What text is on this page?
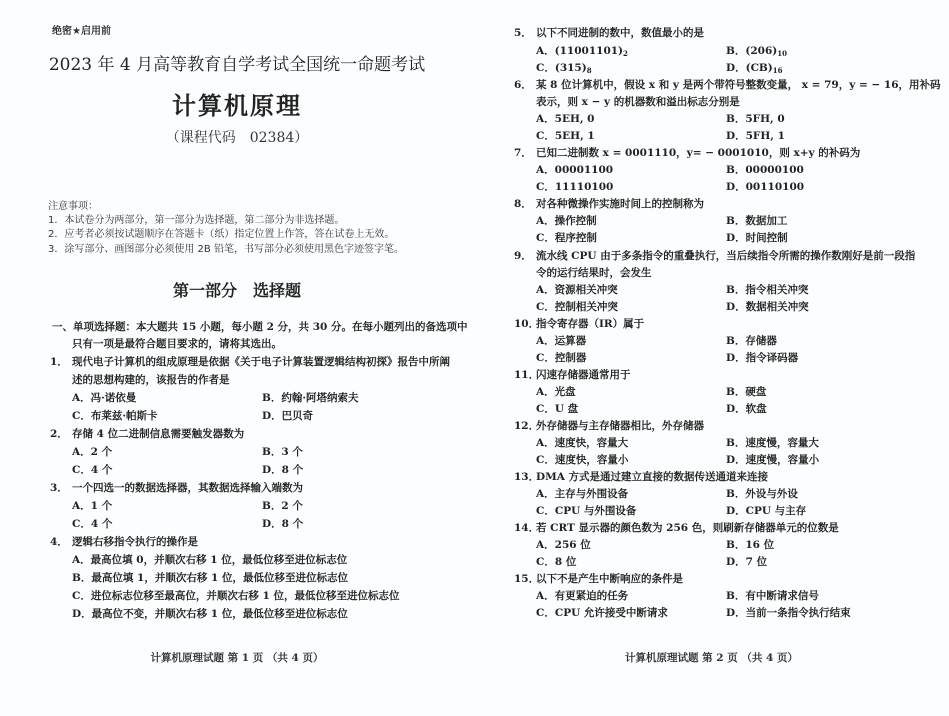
绝密★启用前
2023 年 4 月高等教育自学考试全国统一命题考试
计算机原理
（课程代码　02384）
注意事项：
1．本试卷分为两部分，第一部分为选择题，第二部分为非选择题。
2．应考者必须按试题顺序在答题卡（纸）指定位置上作答，答在试卷上无效。
3．涂写部分、画图部分必须使用 2B 铅笔，书写部分必须使用黑色字迹签字笔。
第一部分　选择题
一、单项选择题：本大题共 15 小题，每小题 2 分，共 30 分。在每小题列出的备选项中
只有一项是最符合题目要求的，请将其选出。
1． 现代电子计算机的组成原理是依据《关于电子计算装置逻辑结构初探》报告中所阐
述的思想构建的，该报告的作者是
A．冯·诺依曼	B．约翰·阿塔纳索夫
C．布莱兹·帕斯卡	D．巴贝奇
2． 存储 4 位二进制信息需要触发器数为
A．2 个	B．3 个
C．4 个	D．8 个
3． 一个四选一的数据选择器，其数据选择输入端数为
A．1 个	B．2 个
C．4 个	D．8 个
4． 逻辑右移指令执行的操作是
A．最高位填 0，并顺次右移 1 位，最低位移至进位标志位
B．最高位填 1，并顺次右移 1 位，最低位移至进位标志位
C．进位标志位移至最高位，并顺次右移 1 位，最低位移至进位标志位
D．最高位不变，并顺次右移 1 位，最低位移至进位标志位
计算机原理试题 第 1 页 （共 4 页）
5． 以下不同进制的数中，数值最小的是
A．$(11001101)_2$	B．$(206)_{10}$
C．$(315)_8$	D．$(CB)_{16}$
6． 某 8 位计算机中，假设 x 和 y 是两个带符号整数变量， x = 79，y = − 16，用补码
表示，则 x − y 的机器数和溢出标志分别是
A．5EH, 0	B．5FH, 0
C．5EH, 1	D．5FH, 1
7． 已知二进制数 x = 0001110，y= − 0001010，则 x+y 的补码为
A．00001100	B．00000100
C．11110100	D．00110100
8． 对各种微操作实施时间上的控制称为
A．操作控制	B．数据加工
C．程序控制	D．时间控制
9． 流水线 CPU 由于多条指令的重叠执行，当后续指令所需的操作数刚好是前一段指
令的运行结果时，会发生
A．资源相关冲突	B．指令相关冲突
C．控制相关冲突	D．数据相关冲突
10．指令寄存器（IR）属于
A．运算器	B．存储器
C．控制器	D．指令译码器
11．闪速存储器通常用于
A．光盘	B．硬盘
C．U 盘	D．软盘
12．外存储器与主存储器相比，外存储器
A．速度快，容量大	B．速度慢，容量大
C．速度快，容量小	D．速度慢，容量小
13．DMA 方式是通过建立直接的数据传送通道来连接
A．主存与外围设备	B．外设与外设
C．CPU 与外围设备	D．CPU 与主存
14．若 CRT 显示器的颜色数为 256 色，则刷新存储器单元的位数是
A．256 位	B．16 位
C．8 位	D．7 位
15．以下不是产生中断响应的条件是
A．有更紧迫的任务	B．有中断请求信号
C．CPU 允许接受中断请求	D．当前一条指令执行结束
计算机原理试题 第 2 页 （共 4 页）
